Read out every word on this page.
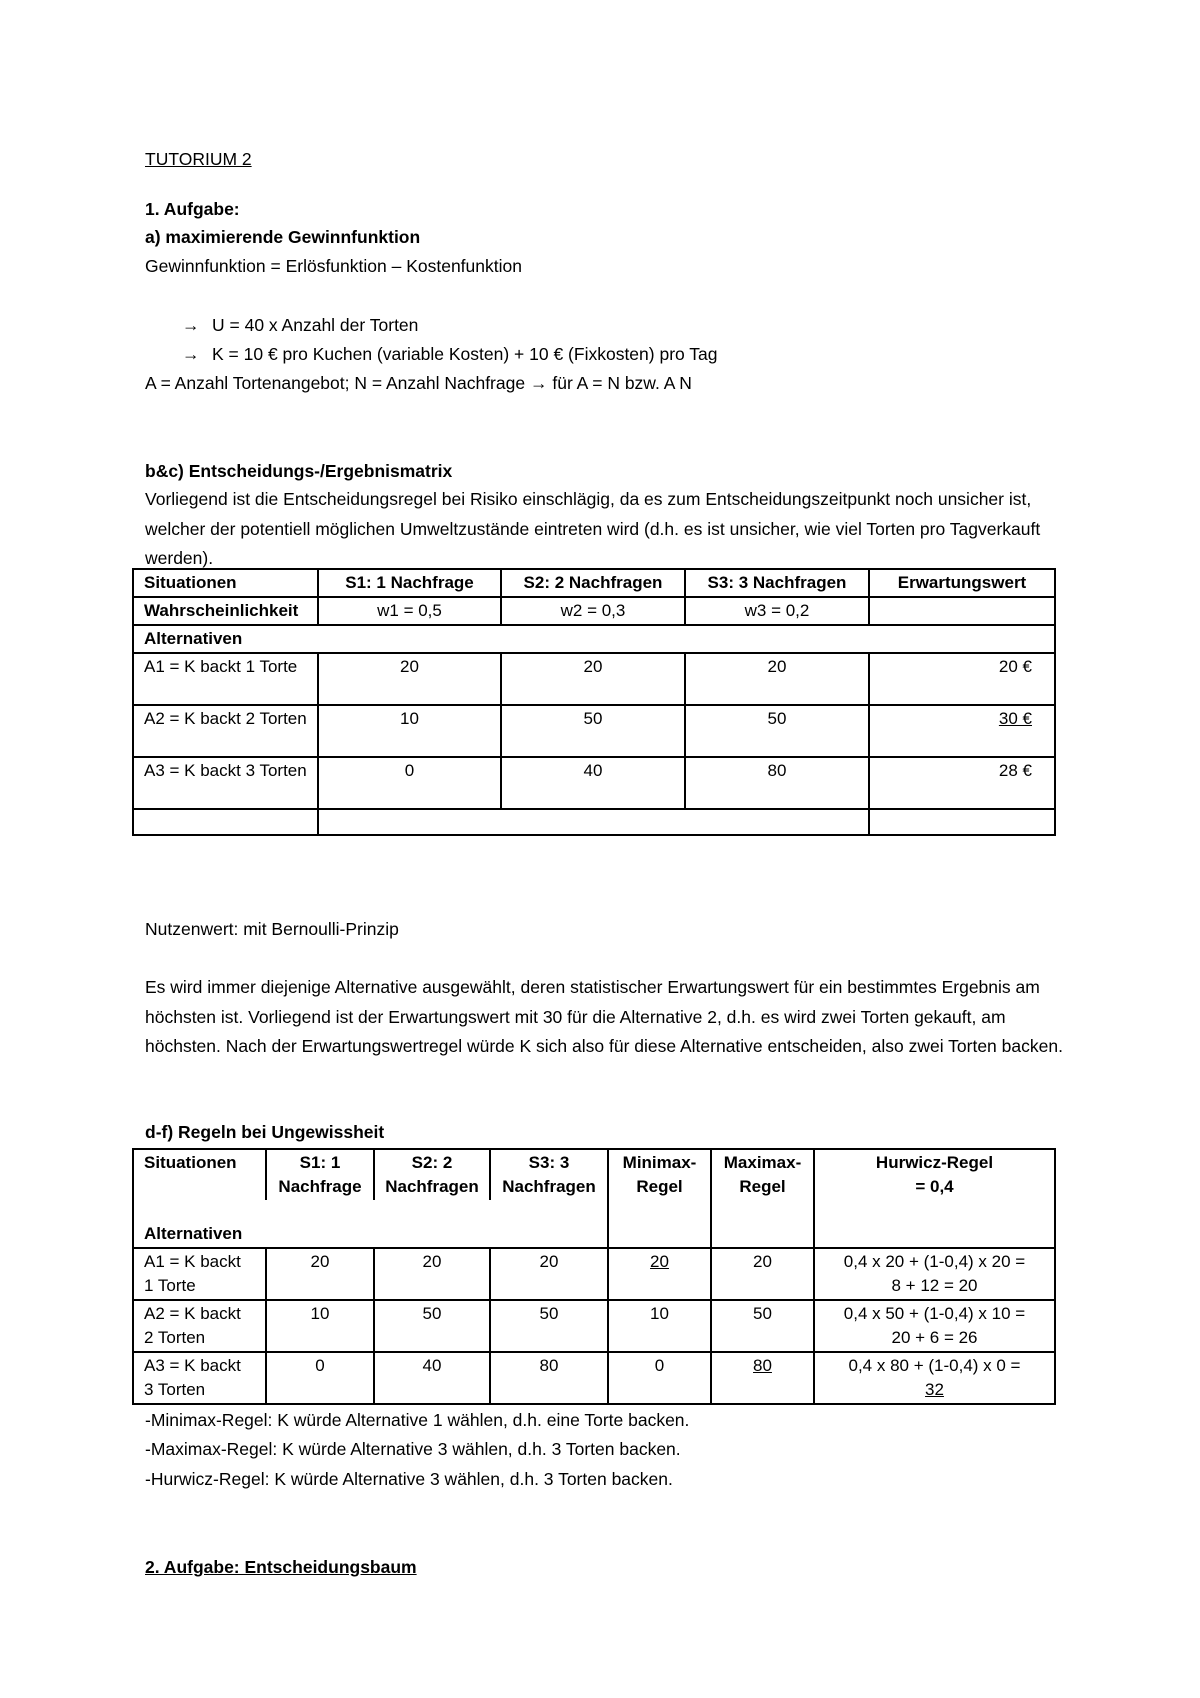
TUTORIUM 2
1. Aufgabe:
a) maximierende Gewinnfunktion
Gewinnfunktion = Erlösfunktion – Kostenfunktion
→ U = 40 x Anzahl der Torten
→ K = 10 € pro Kuchen (variable Kosten) + 10 € (Fixkosten) pro Tag
A = Anzahl Tortenangebot; N = Anzahl Nachfrage → für A = N bzw. A N
b&c) Entscheidungs-/Ergebnismatrix
Vorliegend ist die Entscheidungsregel bei Risiko einschlägig, da es zum Entscheidungszeitpunkt noch unsicher ist, welcher der potentiell möglichen Umweltzustände eintreten wird (d.h. es ist unsicher, wie viel Torten pro Tagverkauft werden).
Situationen	S1: 1 Nachfrage	S2: 2 Nachfragen	S3: 3 Nachfragen	Erwartungswert
Wahrscheinlichkeit	w1 = 0,5	w2 = 0,3	w3 = 0,2	
Alternativen				
A1 = K backt 1 Torte	20	20	20	20 €
A2 = K backt 2 Torten	10	50	50	30 €
A3 = K backt 3 Torten	0	40	80	28 €

Nutzenwert: mit Bernoulli-Prinzip
Es wird immer diejenige Alternative ausgewählt, deren statistischer Erwartungswert für ein bestimmtes Ergebnis am höchsten ist. Vorliegend ist der Erwartungswert mit 30 für die Alternative 2, d.h. es wird zwei Torten gekauft, am höchsten. Nach der Erwartungswertregel würde K sich also für diese Alternative entscheiden, also zwei Torten backen.
d-f) Regeln bei Ungewissheit
Situationen	S1: 1 Nachfrage	S2: 2 Nachfragen	S3: 3 Nachfragen	Minimax-Regel	Maximax-Regel	Hurwicz-Regel
= 0,4

Alternativen						
A1 = K backt 1 Torte	20	20	20	20	20	0,4 x 20 + (1-0,4) x 20 =
8 + 12 = 20

A2 = K backt 2 Torten	10	50	50	10	50	0,4 x 50 + (1-0,4) x 10 =
20 + 6 = 26

A3 = K backt 3 Torten	0	40	80	0	80	0,4 x 80 + (1-0,4) x 0 =
32
-Minimax-Regel: K würde Alternative 1 wählen, d.h. eine Torte backen.
-Maximax-Regel: K würde Alternative 3 wählen, d.h. 3 Torten backen.
-Hurwicz-Regel: K würde Alternative 3 wählen, d.h. 3 Torten backen.
2. Aufgabe: Entscheidungsbaum
